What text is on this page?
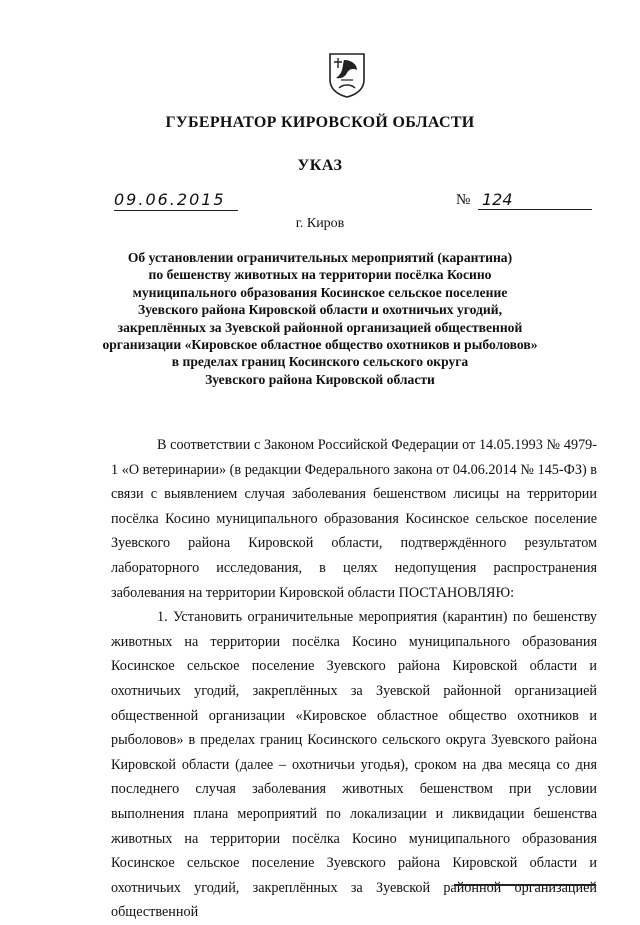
ГУБЕРНАТОР КИРОВСКОЙ ОБЛАСТИ
УКАЗ
09.06.2015	№ 124
г. Киров
Об установлении ограничительных мероприятий (карантина)
по бешенству животных на территории посёлка Косино
муниципального образования Косинское сельское поселение
Зуевского района Кировской области и охотничьих угодий,
закреплённых за Зуевской районной организацией общественной
организации «Кировское областное общество охотников и рыболовов»
в пределах границ Косинского сельского округа
Зуевского района Кировской области

В соответствии с Законом Российской Федерации от 14.05.1993 № 4979-1 «О ветеринарии» (в редакции Федерального закона от 04.06.2014 № 145-ФЗ) в связи с выявлением случая заболевания бешенством лисицы на территории посёлка Косино муниципального образования Косинское сельское поселение Зуевского района Кировской области, подтверждённого результатом лабораторного исследования, в целях недопущения распространения заболевания на территории Кировской области ПОСТАНОВЛЯЮ:

1. Установить ограничительные мероприятия (карантин) по бешенству животных на территории посёлка Косино муниципального образования Косинское сельское поселение Зуевского района Кировской области и охотничьих угодий, закреплённых за Зуевской районной организацией общественной организации «Кировское областное общество охотников и рыболовов» в пределах границ Косинского сельского округа Зуевского района Кировской области (далее – охотничьи угодья), сроком на два месяца со дня последнего случая заболевания животных бешенством при условии выполнения плана мероприятий по локализации и ликвидации бешенства животных на территории посёлка Косино муниципального образования Косинское сельское поселение Зуевского района Кировской области и охотничьих угодий, закреплённых за Зуевской районной организацией общественной
